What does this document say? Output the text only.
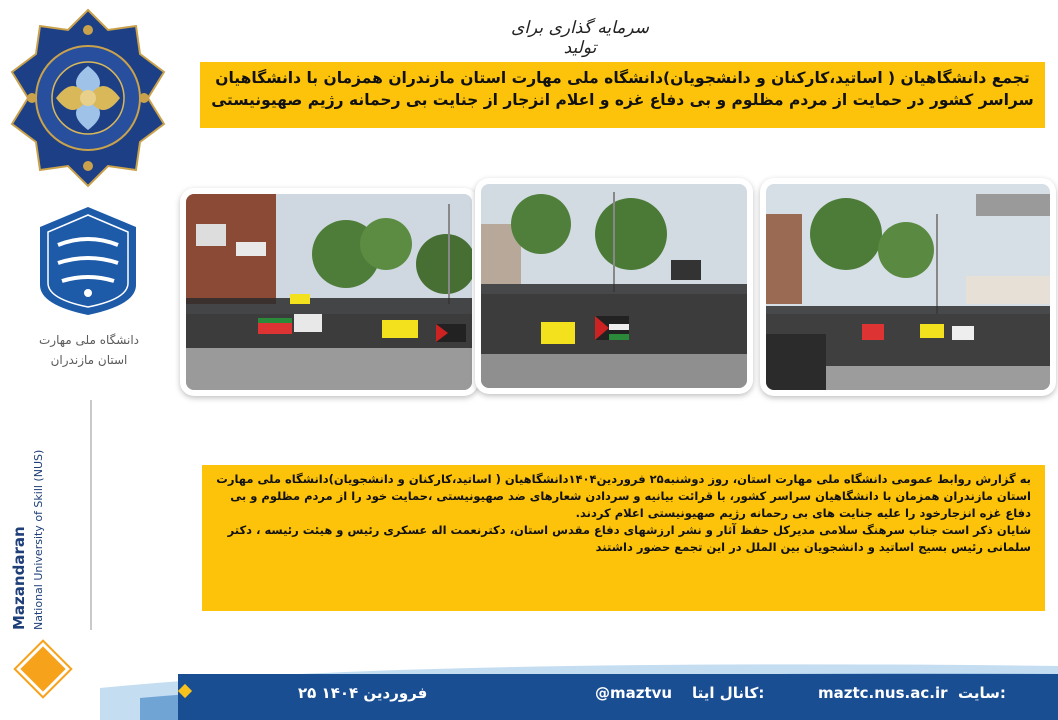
دانشگاه ملی مهارت
استان مازندران
Mazandaran National University of Skill (NUS)
سرمایه گذاری برای تولید
تجمع دانشگاهیان ( اساتید،کارکنان و دانشجویان)دانشگاه ملی مهارت استان مازندران همزمان با دانشگاهیان
سراسر کشور در حمایت از مردم مظلوم و بی دفاع غزه و اعلام انزجار از جنایت بی رحمانه رژیم صهیونیستی

به گزارش روابط عمومی دانشگاه ملی مهارت استان، روز دوشنبه۲۵ فروردین۱۴۰۴دانشگاهیان ( اساتید،کارکنان و دانشجویان)دانشگاه ملی مهارت استان مازندران همزمان با دانشگاهیان سراسر کشور، با قرائت بیانیه و سردادن شعارهای ضد صهیونیستی ،حمایت خود را از مردم مظلوم و بی دفاع غزه انزجارخود را علیه جنایت های بی رحمانه رژیم صهیونیستی اعلام کردند.

شایان ذکر است جناب سرهنگ سلامی مدیرکل حفظ آثار و نشر ارزشهای دفاع مقدس استان، دکترنعمت اله عسکری رئیس و هیئت رئیسه ، دکتر سلمانی رئیس بسیج اساتید و دانشجویان بین الملل در این تجمع حضور داشتند

۲۵ فروردین ۱۴۰۴	@maztvu کانال ایتا:	maztc.nus.ac.ir سایت:
